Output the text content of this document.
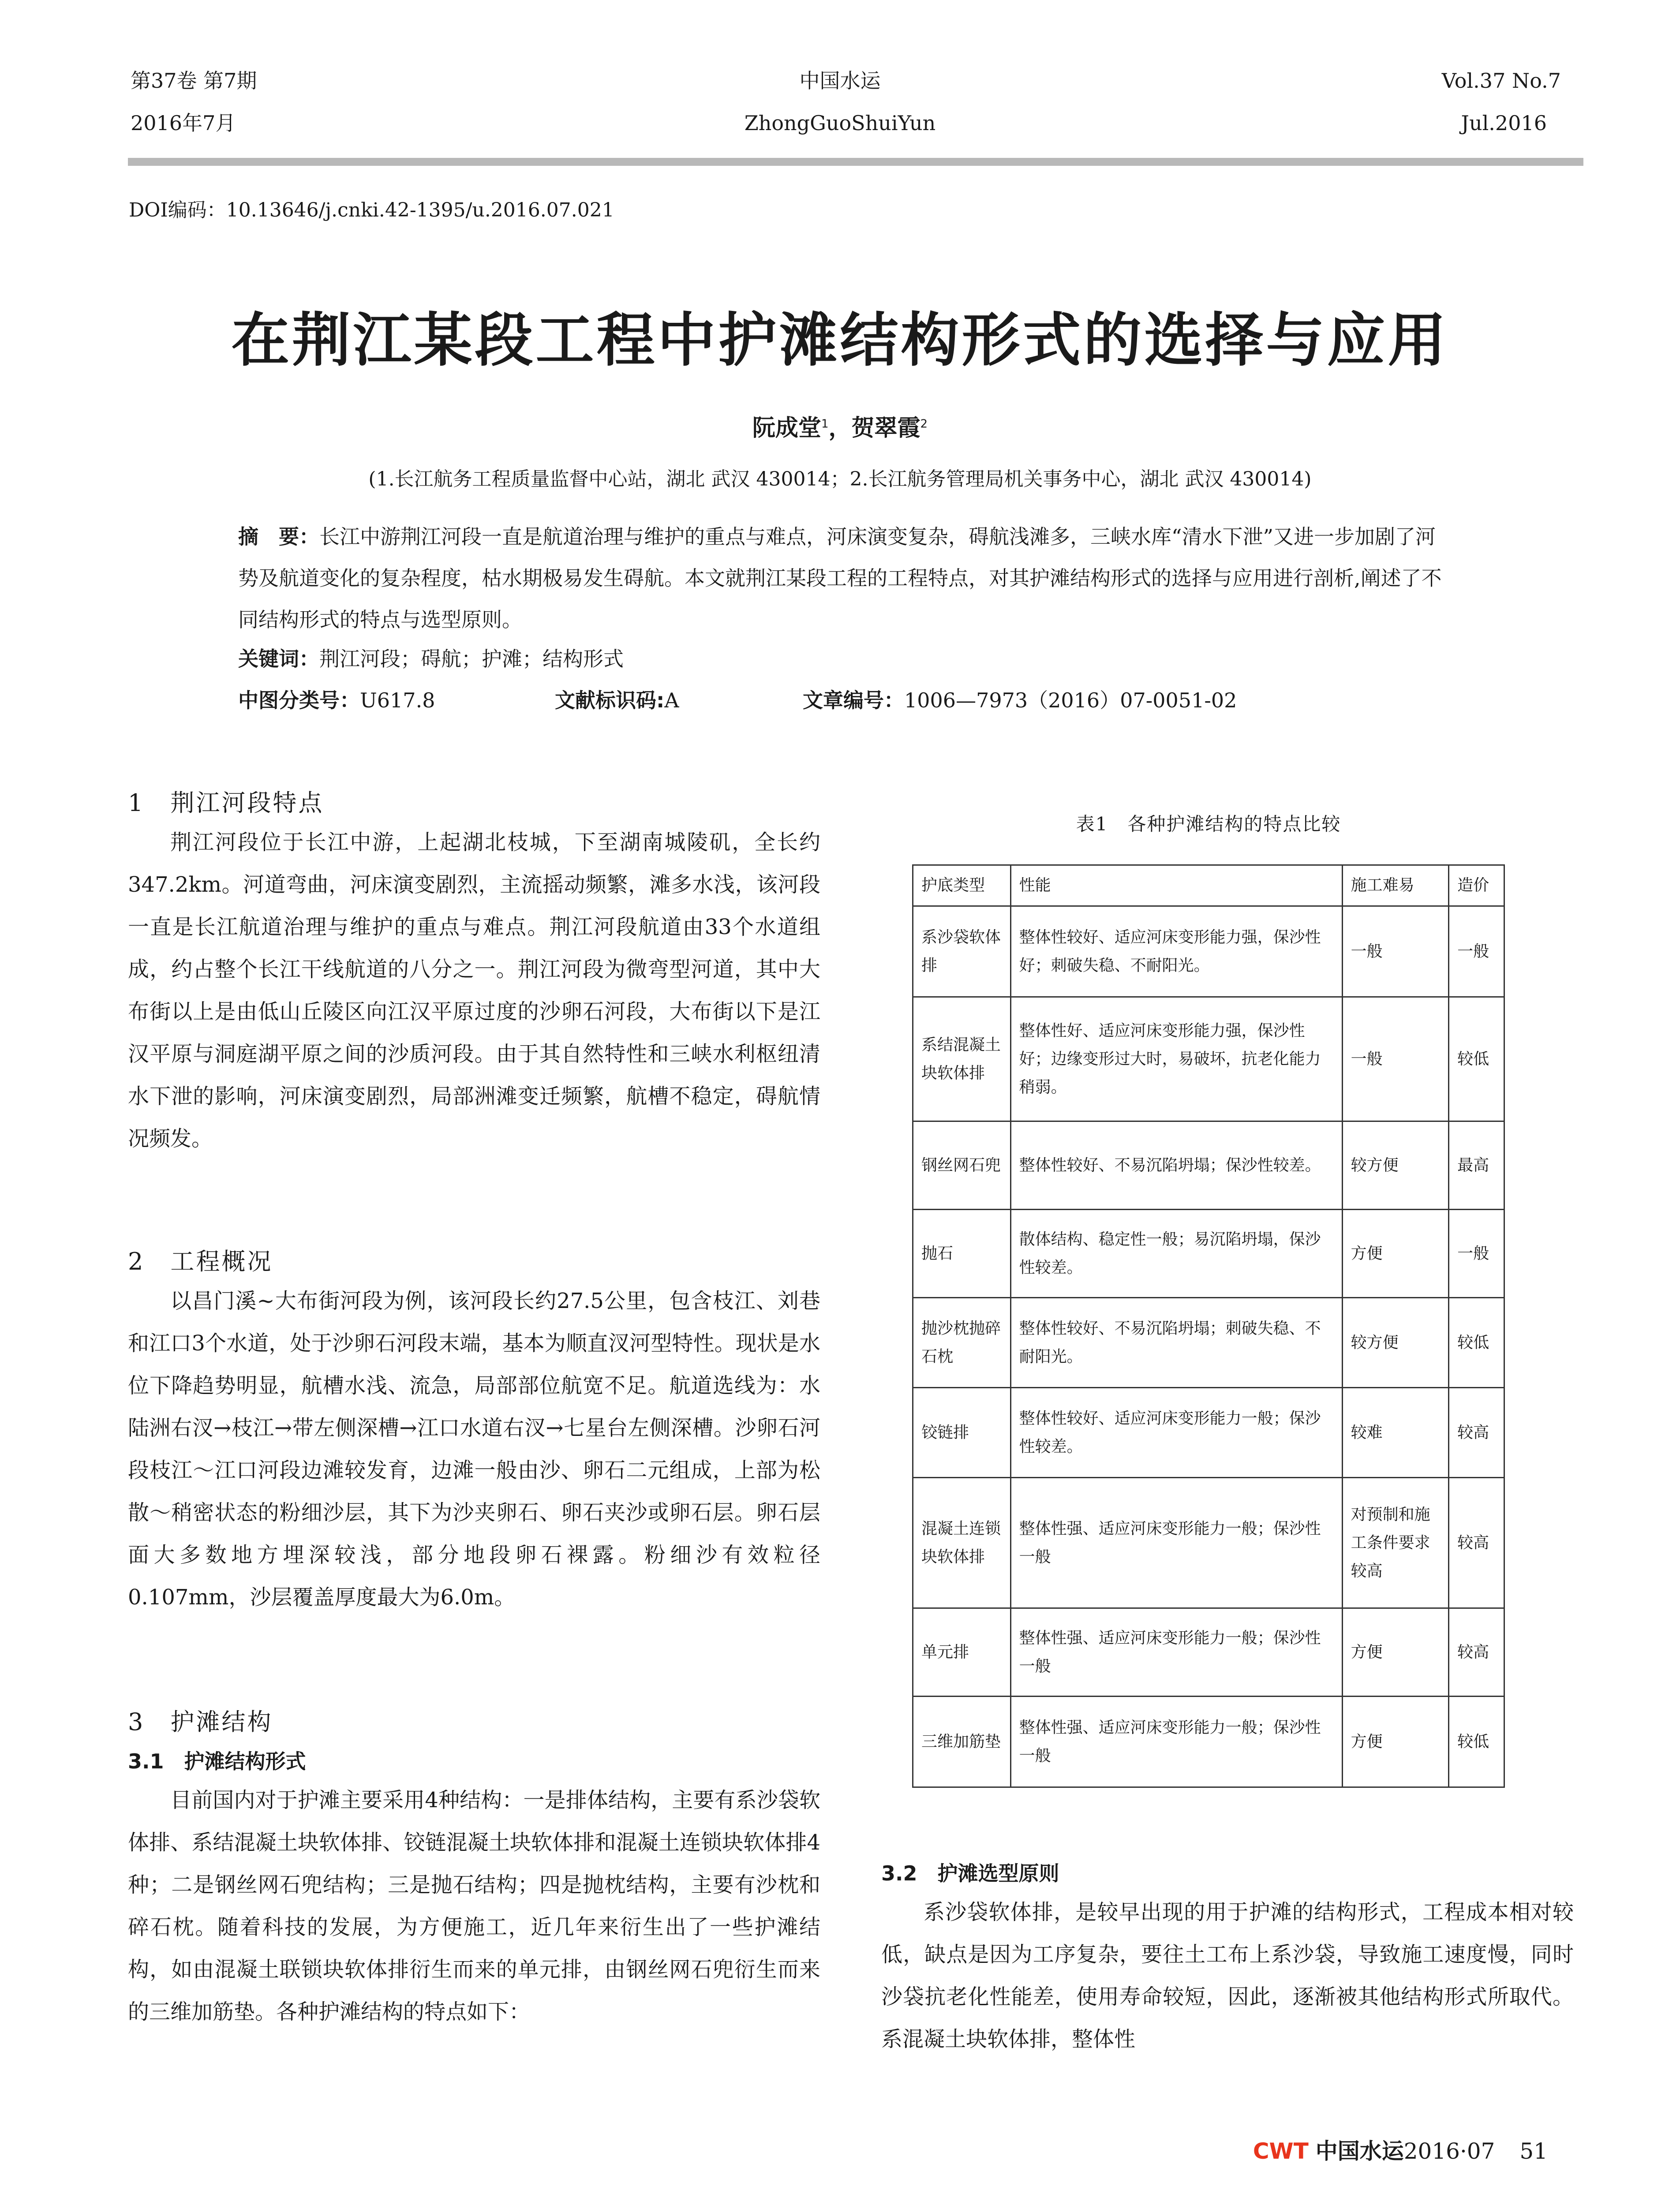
第37卷 第7期
2016年7月
中国水运
ZhongGuoShuiYun
Vol.37 No.7
Jul.2016
DOI编码：10.13646/j.cnki.42-1395/u.2016.07.021
在荆江某段工程中护滩结构形式的选择与应用
阮成堂$^1$，贺翠霞$^2$
(1.长江航务工程质量监督中心站，湖北 武汉 430014；2.长江航务管理局机关事务中心，湖北 武汉 430014)
摘　要：长江中游荆江河段一直是航道治理与维护的重点与难点，河床演变复杂，碍航浅滩多，三峡水库“清水下泄”又进一步加剧了河势及航道变化的复杂程度，枯水期极易发生碍航。本文就荆江某段工程的工程特点，对其护滩结构形式的选择与应用进行剖析,阐述了不同结构形式的特点与选型原则。
关键词：荆江河段；碍航；护滩；结构形式
中图分类号：U617.8	文献标识码:A	文章编号：1006—7973（2016）07-0051-02
1　荆江河段特点
荆江河段位于长江中游，上起湖北枝城，下至湖南城陵矶，全长约347.2km。河道弯曲，河床演变剧烈，主流摇动频繁，滩多水浅，该河段一直是长江航道治理与维护的重点与难点。荆江河段航道由33个水道组成，约占整个长江干线航道的八分之一。荆江河段为微弯型河道，其中大布街以上是由低山丘陵区向江汉平原过度的沙卵石河段，大布街以下是江汉平原与洞庭湖平原之间的沙质河段。由于其自然特性和三峡水利枢纽清水下泄的影响，河床演变剧烈，局部洲滩变迁频繁，航槽不稳定，碍航情况频发。
2　工程概况
以昌门溪~大布街河段为例，该河段长约27.5公里，包含枝江、刘巷和江口3个水道，处于沙卵石河段末端，基本为顺直汊河型特性。现状是水位下降趋势明显，航槽水浅、流急，局部部位航宽不足。航道选线为：水陆洲右汊→枝江→带左侧深槽→江口水道右汊→七星台左侧深槽。沙卵石河段枝江～江口河段边滩较发育，边滩一般由沙、卵石二元组成，上部为松散～稍密状态的粉细沙层，其下为沙夹卵石、卵石夹沙或卵石层。卵石层面大多数地方埋深较浅，部分地段卵石裸露。粉细沙有效粒径0.107mm，沙层覆盖厚度最大为6.0m。
3　护滩结构
3.1　护滩结构形式
目前国内对于护滩主要采用4种结构：一是排体结构，主要有系沙袋软体排、系结混凝土块软体排、铰链混凝土块软体排和混凝土连锁块软体排4种；二是钢丝网石兜结构；三是抛石结构；四是抛枕结构，主要有沙枕和碎石枕。随着科技的发展，为方便施工，近几年来衍生出了一些护滩结构，如由混凝土联锁块软体排衍生而来的单元排，由钢丝网石兜衍生而来的三维加筋垫。各种护滩结构的特点如下：
表1　各种护滩结构的特点比较
护底类型	性能	施工难易	造价
系沙袋软体排	整体性较好、适应河床变形能力强，保沙性好；刺破失稳、不耐阳光。	一般	一般
系结混凝土块软体排	整体性好、适应河床变形能力强，保沙性好；边缘变形过大时，易破坏，抗老化能力稍弱。	一般	较低
钢丝网石兜	整体性较好、不易沉陷坍塌；保沙性较差。	较方便	最高
抛石	散体结构、稳定性一般；易沉陷坍塌，保沙性较差。	方便	一般
抛沙枕抛碎石枕	整体性较好、不易沉陷坍塌；刺破失稳、不耐阳光。	较方便	较低
铰链排	整体性较好、适应河床变形能力一般；保沙性较差。	较难	较高
混凝土连锁块软体排	整体性强、适应河床变形能力一般；保沙性一般	对预制和施工条件要求较高	较高
单元排	整体性强、适应河床变形能力一般；保沙性一般	方便	较高
三维加筋垫	整体性强、适应河床变形能力一般；保沙性一般	方便	较低
3.2　护滩选型原则
系沙袋软体排，是较早出现的用于护滩的结构形式，工程成本相对较低，缺点是因为工序复杂，要往土工布上系沙袋，导致施工速度慢，同时沙袋抗老化性能差，使用寿命较短，因此，逐渐被其他结构形式所取代。系混凝土块软体排，整体性
CWT 中国水运2016·07 51
